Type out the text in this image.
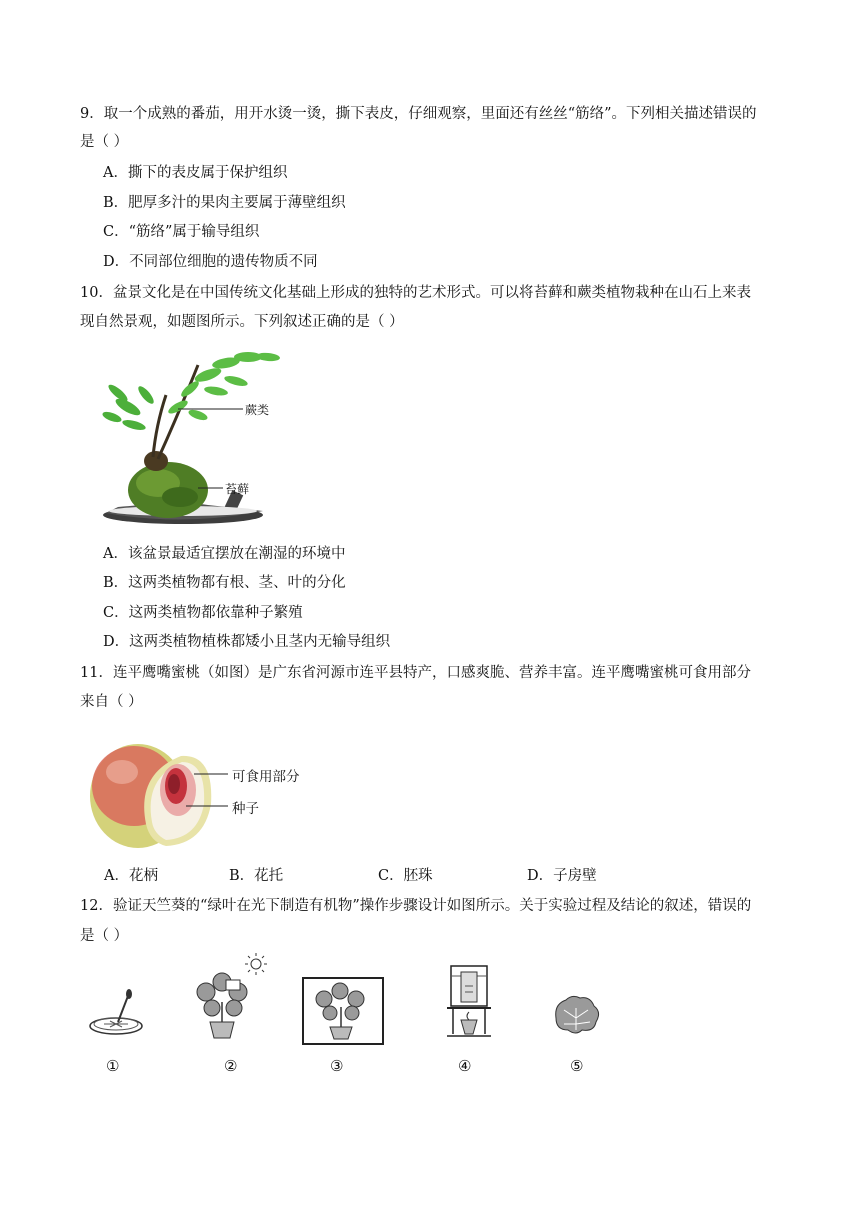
9．取一个成熟的番茄，用开水烫一烫，撕下表皮，仔细观察，里面还有丝丝“筋络”。下列相关描述错误的
是（ ）
A．撕下的表皮属于保护组织
B．肥厚多汁的果肉主要属于薄壁组织
C．“筋络”属于输导组织
D．不同部位细胞的遗传物质不同
10．盆景文化是在中国传统文化基础上形成的独特的艺术形式。可以将苔藓和蕨类植物栽种在山石上来表
现自然景观，如题图所示。下列叙述正确的是（ ）
蕨类
苔藓
A．该盆景最适宜摆放在潮湿的环境中
B．这两类植物都有根、茎、叶的分化
C．这两类植物都依靠种子繁殖
D．这两类植物植株都矮小且茎内无输导组织
11．连平鹰嘴蜜桃（如图）是广东省河源市连平县特产，口感爽脆、营养丰富。连平鹰嘴蜜桃可食用部分
来自（ ）
可食用部分
种子
A．花柄	B．花托	C．胚珠	D．子房壁
12．验证天竺葵的“绿叶在光下制造有机物”操作步骤设计如图所示。关于实验过程及结论的叙述，错误的
是（ ）
①	②	③	④	⑤
